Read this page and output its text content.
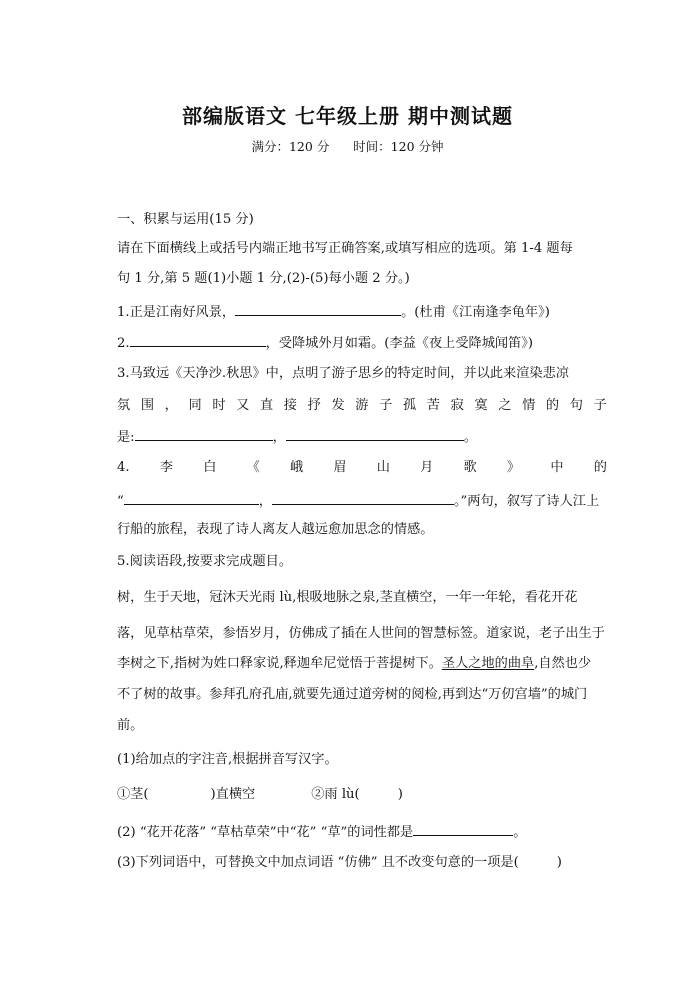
部编版语文 七年级上册 期中测试题
满分：120 分 时间：120 分钟
一、积累与运用(15 分)
请在下面横线上或括号内端正地书写正确答案,或填写相应的选项。第 1-4 题每
句 1 分,第 5 题(1)小题 1 分,(2)-(5)每小题 2 分。)
1.正是江南好风景，	。(杜甫《江南逢李龟年》)
2.	，受降城外月如霜。(李益《夜上受降城闻笛》)
3.马致远《天净沙.秋思》中，点明了游子思乡的特定时间，并以此来渲染悲凉
氛 围 ， 同 时 又 直 接 抒 发 游 子 孤 苦 寂 寞 之 情 的 句 子
是:	，	。
4. 李 白 《 峨 眉 山 月 歌 》 中 的
“	，	。”两句，叙写了诗人江上
行船的旅程，表现了诗人离友人越远愈加思念的情感。
5.阅读语段,按要求完成题目。
树，生于天地，冠沐天光雨 lù,根吸地脉之泉,茎直横空，一年一年轮，看花开花
落，见草枯草荣，参悟岁月，仿佛成了插在人世间的智慧标签。道家说，老子出生于
李树之下,指树为姓口释家说,释迦牟尼觉悟于菩提树下。圣人之地的曲阜,自然也少
不了树的故事。参拜孔府孔庙,就要先通过道旁树的阅检,再到达“万仞宫墙”的城门
前。
(1)给加点的字注音,根据拼音写汉字。
①茎(	)直横空	②雨 lù(	)
(2) “花开花落” “草枯草荣”中“花” “草”的词性都是	。
(3)下列词语中，可替换文中加点词语 “仿佛” 且不改变句意的一项是(	)
